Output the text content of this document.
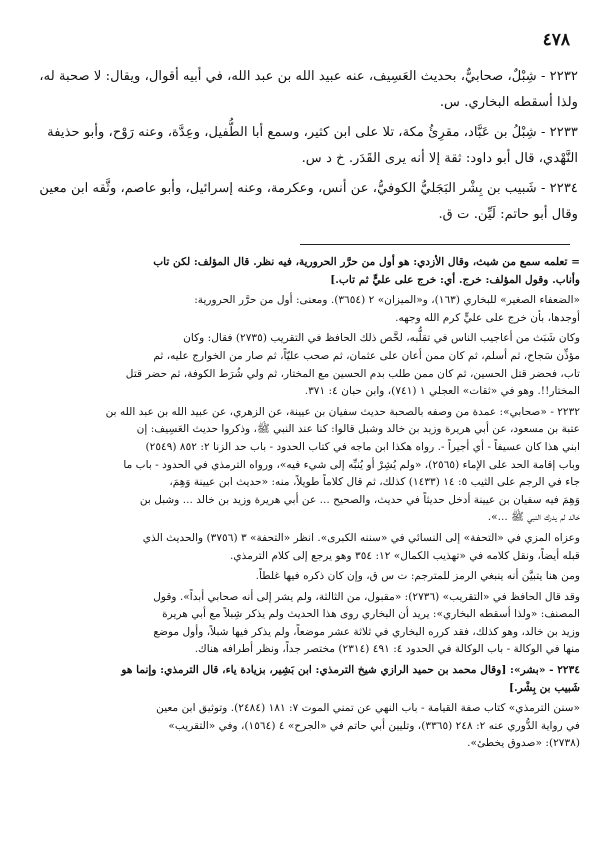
٤٧٨

٢٢٣٢ - شِبْلٌ، صحابيٌّ، بحديث العَسِيف، عنه عبيد الله بن عبد الله، في أبيه أقوال، ويقال: لا صحبة له،
ولذا أسقطه البخاري. س.

٢٢٣٣ - شِبْلُ بن عَبَّاد، مقرِئُ مكة، تلا على ابن كثير، وسمع أبا الطُّفيل، وعِدَّة، وعنه رَوْح، وأبو حذيفة
النَّهْدي، قال أبو داود: ثقة إلا أنه يرى القَدَر. خ د س.

٢٢٣٤ - شَبيب بن بِشْر البَجَليُّ الكوفيُّ، عن أنس، وعكرمة، وعنه إسرائيل، وأبو عاصم، وثَّقه ابن معين
وقال أبو حاتم: لَيِّن. ت ق.

= تعلمه سمع من شبث، وقال الأزدي: هو أول من حرَّر الحرورية، فيه نظر. قال المؤلف: لكن تاب
وأناب. وقول المؤلف: خرج. أي: خرج على عليٍّ ثم تاب.]

«الضعفاء الصغير» للبخاري (١٦٣)، و«الميزان» ٢ (٣٦٥٤). ومعنى: أول من حرَّر الحرورية:
أوجدها، بأن خرج على عليٍّ كرم الله وجهه.

وكان شَبَث من أعاجيب الناس في تقلُّبه، لخَّص ذلك الحافظ في التقريب (٢٧٣٥) فقال: وكان
مؤذِّن سَجاح، ثم أسلم، ثم كان ممن أعان على عثمان، ثم صحب عليّاً، ثم صار من الخوارج عليه، ثم
تاب، فحضر قتل الحسين، ثم كان ممن طلب بدم الحسين مع المختار، ثم ولي شُرَط الكوفة، ثم حضر قتل
المختار!!. وهو في «ثقات» العجلي ١ (٧٤١)، وابن حبان ٤: ٣٧١.

٢٢٣٢ - «صحابي»: عمدة من وصفه بالصحبة حديث سفيان بن عيينة، عن الزهري، عن عبيد الله بن عبد الله بن
عتبة بن مسعود، عن أبي هريرة وزيد بن خالد وشبل قالوا: كنا عند النبي ﷺ، وذكروا حديث العَسِيف: إن
ابني هذا كان عسيفاً - أي أجيراً -. رواه هكذا ابن ماجه في كتاب الحدود - باب حد الزنا ٢: ٨٥٢ (٢٥٤٩)
وباب إقامة الحد على الإماء (٢٥٦٥)، «ولم يُشِرْ أو يُنبِّه إلى شيء فيه»، ورواه الترمذي في الحدود - باب ما
جاء في الرجم على الثيب ٥: ١٤ (١٤٣٣) كذلك، ثم قال كلاماً طويلاً، منه: «حديث ابن عيينة وَهِمَ،
وَهِمَ فيه سفيان بن عيينة أدخل حديثاً في حديث، والصحيح ... عن أبي هريرة وزيد بن خالد ... وشبل بن
خالد لم يدرك النبي ﷺ ...».

وعزاه المزي في «التحفة» إلى النسائي في «سننه الكبرى». انظر «التحفة» ٣ (٣٧٥٦) والحديث الذي
قبله أيضاً، ونقل كلامه في «تهذيب الكمال» ١٢: ٣٥٤ وهو يرجع إلى كلام الترمذي.

ومن هنا يتبيَّن أنه ينبغي الرمز للمترجم: ت س ق، وإن كان ذكره فيها غلطاً.

وقد قال الحافظ في «التقريب» (٢٧٣٦): «مقبول، من الثالثة، ولم يشر إلى أنه صحابي أبداً». وقول
المصنف: «ولذا أسقطه البخاري»: يريد أن البخاري روى هذا الحديث ولم يذكر شِبلاً مع أبي هريرة
وزيد بن خالد، وهو كذلك، فقد كرره البخاري في ثلاثة عشر موضعاً، ولم يذكر فيها شبلاً، وأول موضع
منها في الوكالة - باب الوكالة في الحدود ٤: ٤٩١ (٢٣١٤) مختصر جداً، ونظر أطرافه هناك.

٢٢٣٤ - «بشر»: [وقال محمد بن حميد الرازي شيخ الترمذي: ابن بَشِير، بزيادة ياء، قال الترمذي: وإنما هو
شَبيب بن بِشْر.]

«سنن الترمذي» كتاب صفة القيامة - باب النهي عن تمني الموت ٧: ١٨١ (٢٤٨٤). وتوثيق ابن معين
في رواية الدُّوري عنه ٢: ٢٤٨ (٣٣٦٥)، وتليين أبي حاتم في «الجرح» ٤ (١٥٦٤)، وفي «التقريب»
(٢٧٣٨): «صدوق يخطئ».
